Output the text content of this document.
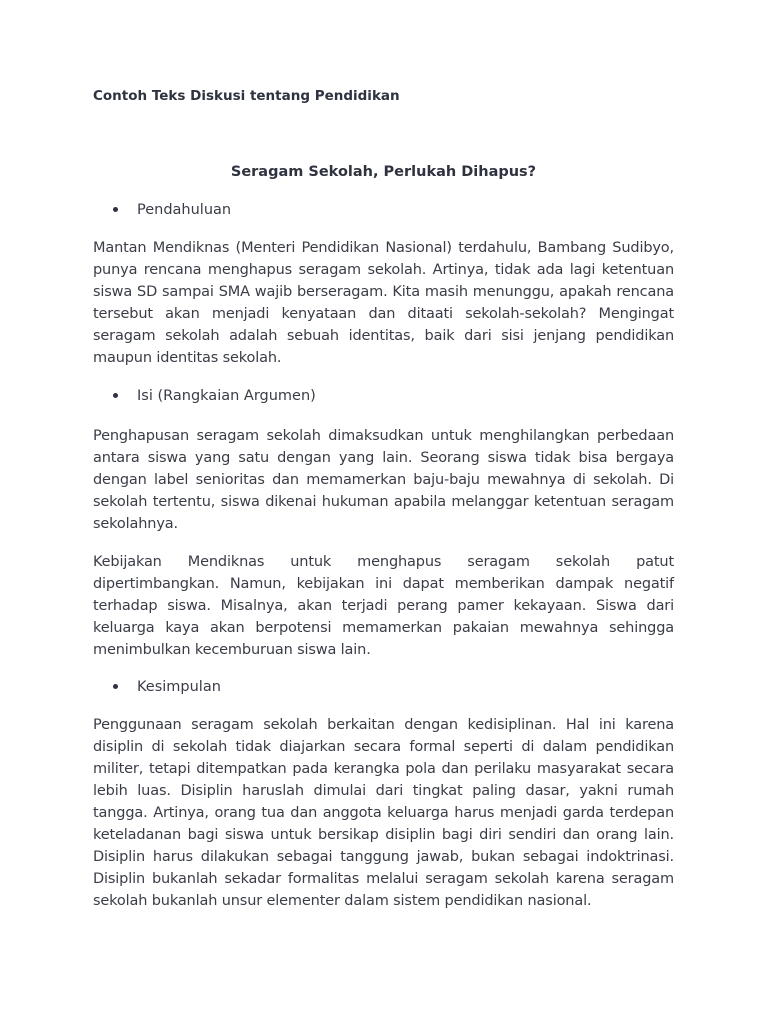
Contoh Teks Diskusi tentang Pendidikan
Seragam Sekolah, Perlukah Dihapus?
Pendahuluan
Mantan Mendiknas (Menteri Pendidikan Nasional) terdahulu, Bambang Sudibyo, punya rencana menghapus seragam sekolah. Artinya, tidak ada lagi ketentuan siswa SD sampai SMA wajib berseragam. Kita masih menunggu, apakah rencana tersebut akan menjadi kenyataan dan ditaati sekolah-sekolah? Mengingat seragam sekolah adalah sebuah identitas, baik dari sisi jenjang pendidikan maupun identitas sekolah.
Isi (Rangkaian Argumen)
Penghapusan seragam sekolah dimaksudkan untuk menghilangkan perbedaan antara siswa yang satu dengan yang lain. Seorang siswa tidak bisa bergaya dengan label senioritas dan memamerkan baju-baju mewahnya di sekolah. Di sekolah tertentu, siswa dikenai hukuman apabila melanggar ketentuan seragam sekolahnya.
Kebijakan Mendiknas untuk menghapus seragam sekolah patut dipertimbangkan. Namun, kebijakan ini dapat memberikan dampak negatif terhadap siswa. Misalnya, akan terjadi perang pamer kekayaan. Siswa dari keluarga kaya akan berpotensi memamerkan pakaian mewahnya sehingga menimbulkan kecemburuan siswa lain.
Kesimpulan
Penggunaan seragam sekolah berkaitan dengan kedisiplinan. Hal ini karena disiplin di sekolah tidak diajarkan secara formal seperti di dalam pendidikan militer, tetapi ditempatkan pada kerangka pola dan perilaku masyarakat secara lebih luas. Disiplin haruslah dimulai dari tingkat paling dasar, yakni rumah tangga. Artinya, orang tua dan anggota keluarga harus menjadi garda terdepan keteladanan bagi siswa untuk bersikap disiplin bagi diri sendiri dan orang lain. Disiplin harus dilakukan sebagai tanggung jawab, bukan sebagai indoktrinasi. Disiplin bukanlah sekadar formalitas melalui seragam sekolah karena seragam sekolah bukanlah unsur elementer dalam sistem pendidikan nasional.
